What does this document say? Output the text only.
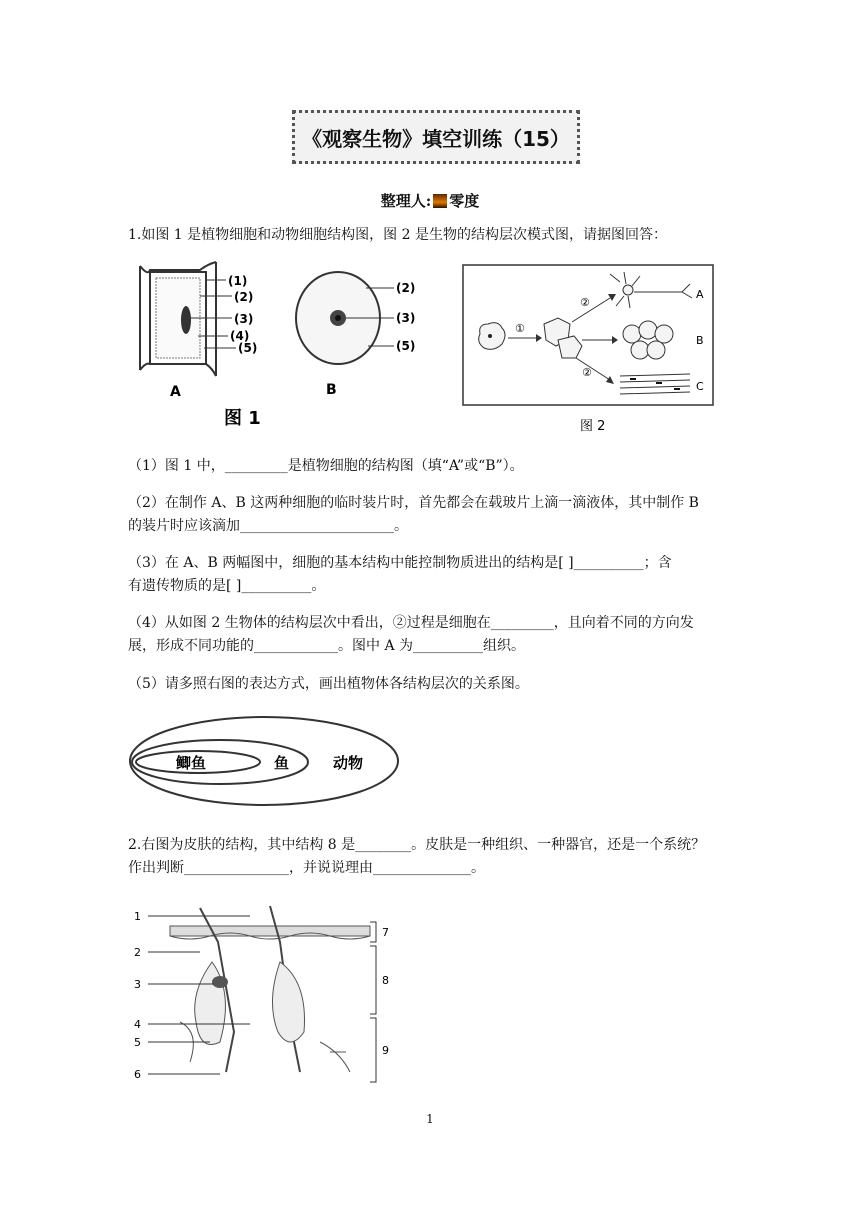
《观察生物》填空训练（15）
整理人: 零度
1.如图 1 是植物细胞和动物细胞结构图，图 2 是生物的结构层次模式图，请据图回答：
(1)
(2)
(3)
(4)
(5)
A
图 1
(2)
(3)
(5)
B
①
②
②
A
B
C
图 2
（1）图 1 中，_________是植物细胞的结构图（填“A”或“B”）。
（2）在制作 A、B 这两种细胞的临时装片时，首先都会在载玻片上滴一滴液体，其中制作 B
的装片时应该滴加______________________。
（3）在 A、B 两幅图中，细胞的基本结构中能控制物质进出的结构是[ ]__________；含
有遗传物质的是[ ]__________。
（4）从如图 2 生物体的结构层次中看出，②过程是细胞在_________，且向着不同的方向发
展，形成不同功能的____________。图中 A 为__________组织。
（5）请多照右图的表达方式，画出植物体各结构层次的关系图。
鲫鱼	鱼	动物
2.右图为皮肤的结构，其中结构 8 是________。皮肤是一种组织、一种器官，还是一个系统？
作出判断_______________，并说说理由______________。
1
2
3
4
5
6
7
8
9
1
